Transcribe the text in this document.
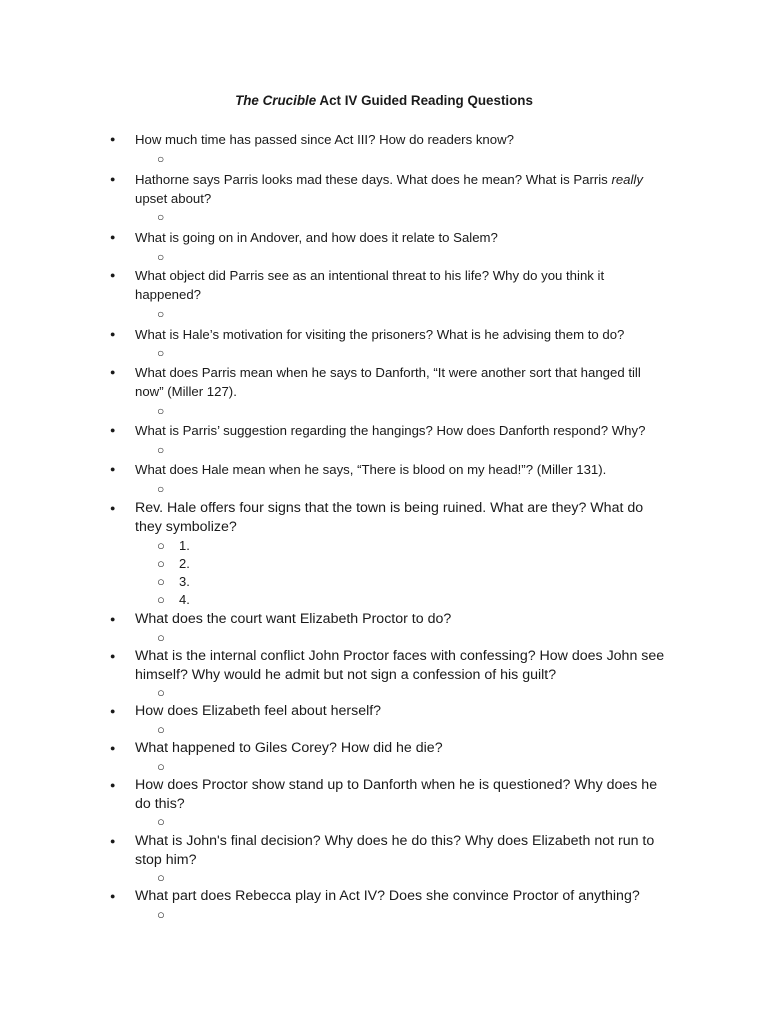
The Crucible Act IV Guided Reading Questions
●	How much time has passed since Act III? How do readers know?
○
●	Hathorne says Parris looks mad these days. What does he mean? What is Parris really upset about?
○
●	What is going on in Andover, and how does it relate to Salem?
○
●	What object did Parris see as an intentional threat to his life? Why do you think it happened?
○
●	What is Hale’s motivation for visiting the prisoners? What is he advising them to do?
○
●	What does Parris mean when he says to Danforth, “It were another sort that hanged till now” (Miller 127).
○
●	What is Parris’ suggestion regarding the hangings? How does Danforth respond? Why?
○
●	What does Hale mean when he says, “There is blood on my head!”? (Miller 131).
○
●	Rev. Hale offers four signs that the town is being ruined. What are they? What do they symbolize?
○ 1.
○ 2.
○ 3.
○ 4.
●	What does the court want Elizabeth Proctor to do?
○
●	What is the internal conflict John Proctor faces with confessing? How does John see himself? Why would he admit but not sign a confession of his guilt?
○
●	How does Elizabeth feel about herself?
○
●	What happened to Giles Corey? How did he die?
○
●	How does Proctor show stand up to Danforth when he is questioned? Why does he do this?
○
●	What is John's final decision? Why does he do this? Why does Elizabeth not run to stop him?
○
●	What part does Rebecca play in Act IV? Does she convince Proctor of anything?
○
